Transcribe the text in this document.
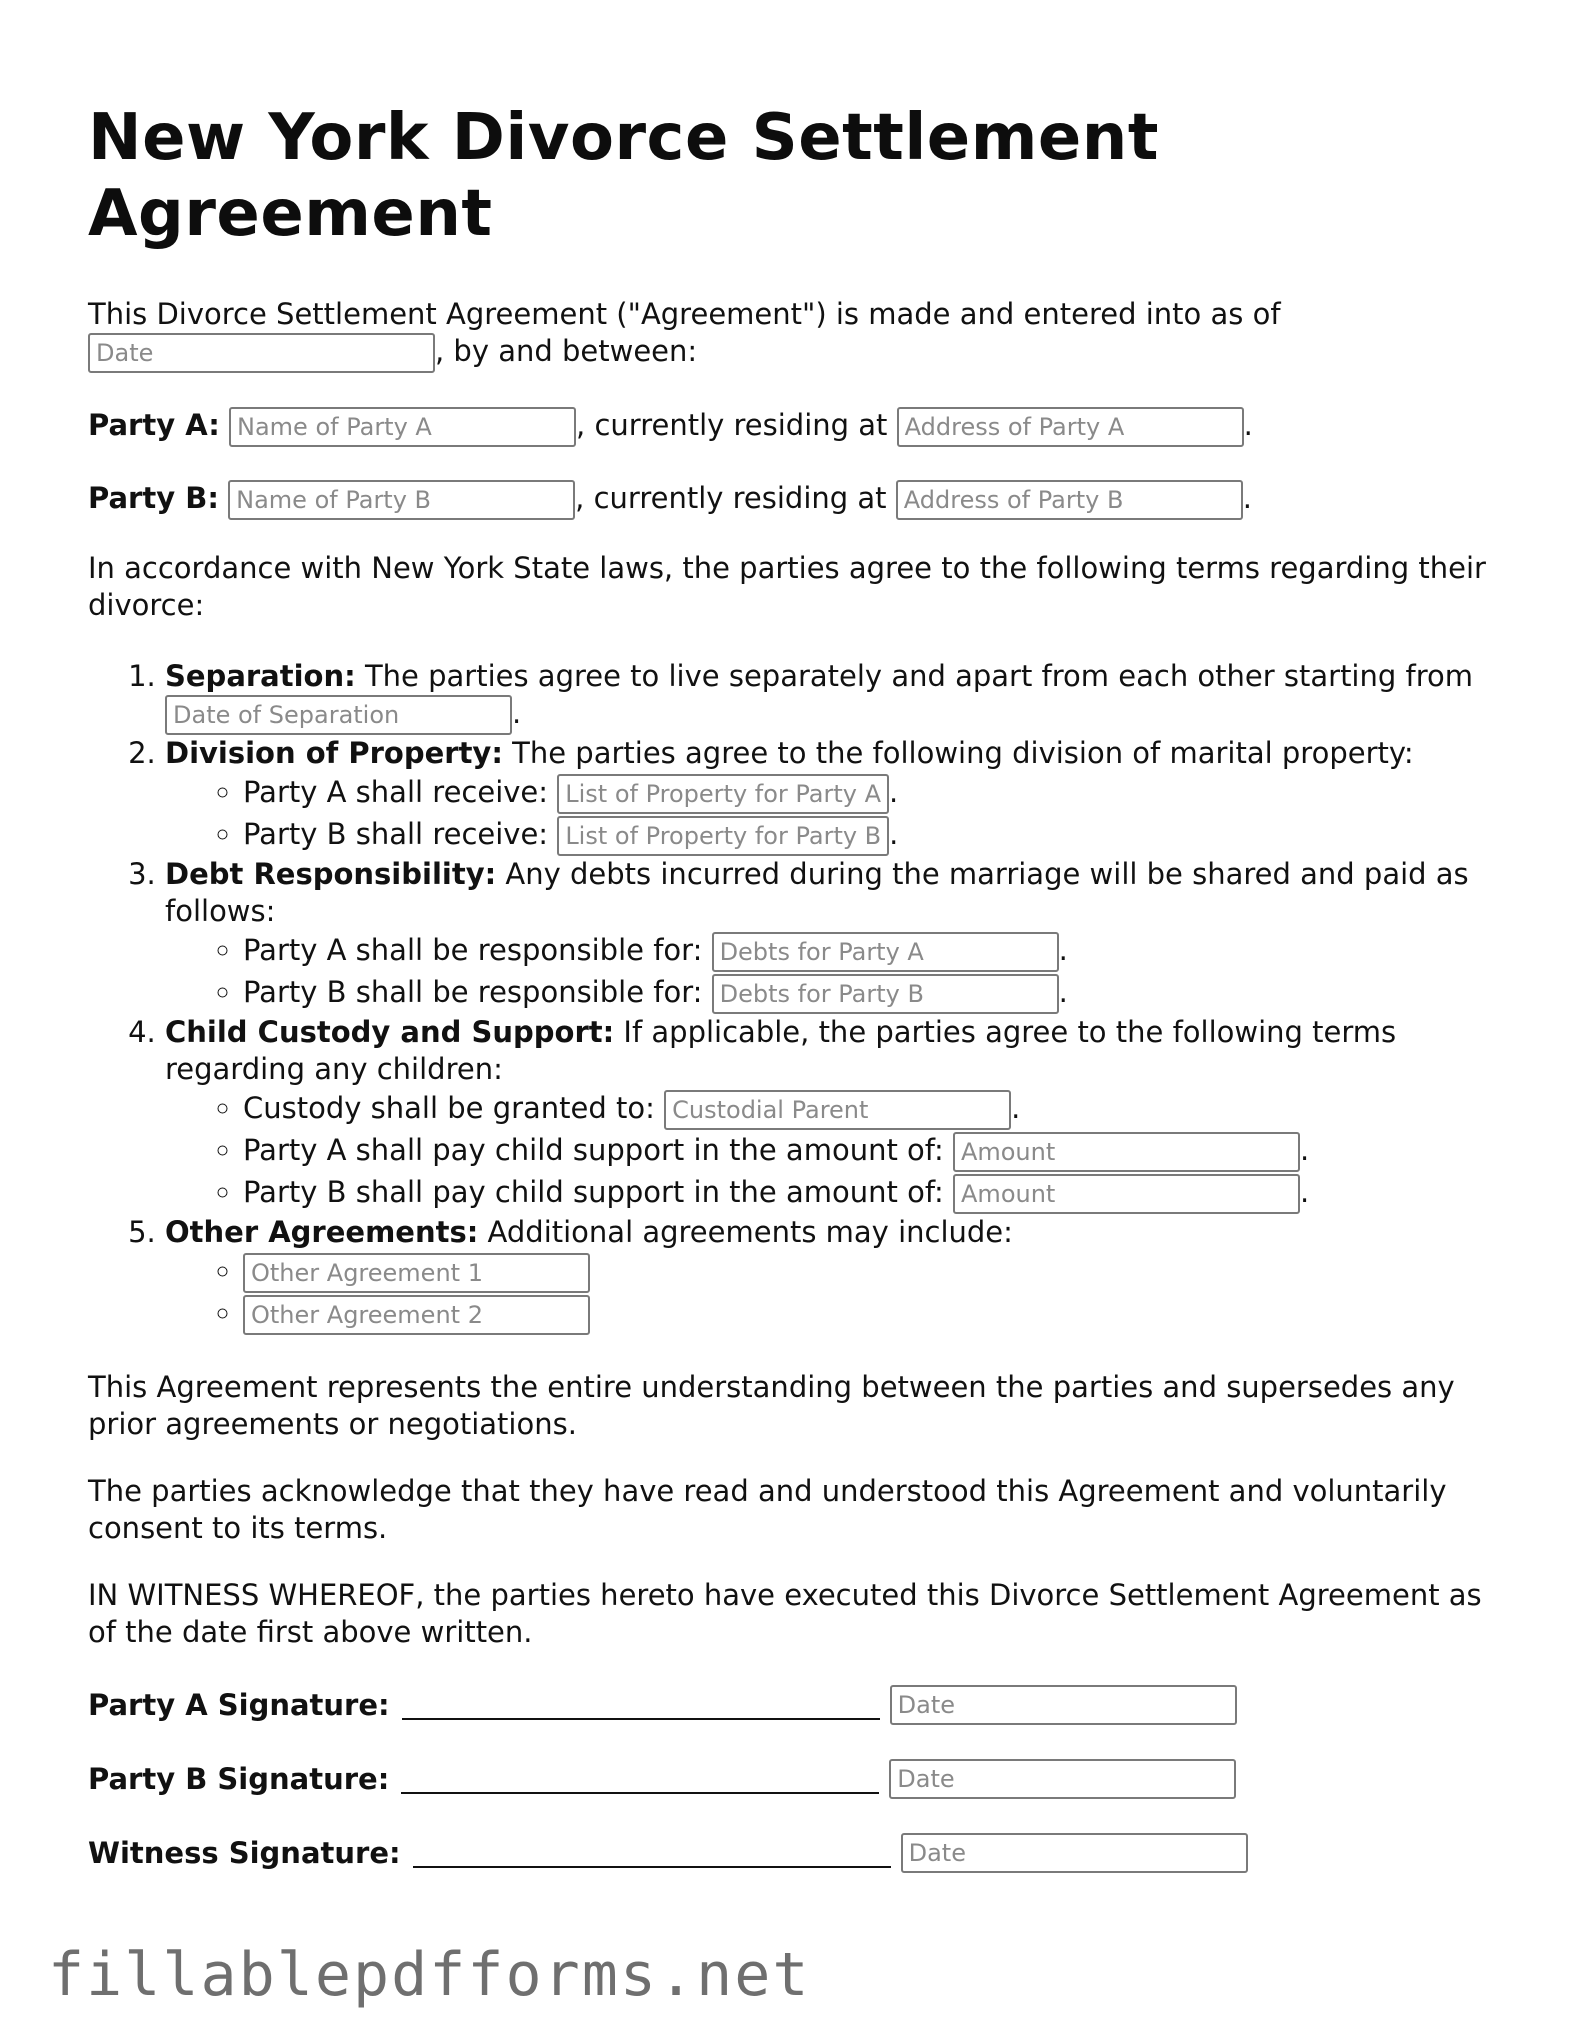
New York Divorce Settlement Agreement

This Divorce Settlement Agreement ("Agreement") is made and entered into as of
Date	, by and between:

Party A: Name of Party A	, currently residing at Address of Party A	.
Party B: Name of Party B	, currently residing at Address of Party B	.

In accordance with New York State laws, the parties agree to the following terms regarding their divorce:

1. Separation: The parties agree to live separately and apart from each other starting from Date of Separation	.
2. Division of Property: The parties agree to the following division of marital property:
◦ Party A shall receive: List of Property for Party A .
◦ Party B shall receive: List of Property for Party B .
3. Debt Responsibility: Any debts incurred during the marriage will be shared and paid as follows:
◦ Party A shall be responsible for: Debts for Party A	.
◦ Party B shall be responsible for: Debts for Party B	.
4. Child Custody and Support: If applicable, the parties agree to the following terms regarding any children:
◦ Custody shall be granted to: Custodial Parent	.
◦ Party A shall pay child support in the amount of: Amount	.
◦ Party B shall pay child support in the amount of: Amount	.
5. Other Agreements: Additional agreements may include:
◦ Other Agreement 1
◦ Other Agreement 2

This Agreement represents the entire understanding between the parties and supersedes any prior agreements or negotiations.

The parties acknowledge that they have read and understood this Agreement and voluntarily consent to its terms.

IN WITNESS WHEREOF, the parties hereto have executed this Divorce Settlement Agreement as of the date first above written.

Party A Signature:	Date
Party B Signature:	Date
Witness Signature:	Date
fillablepdfforms.net
